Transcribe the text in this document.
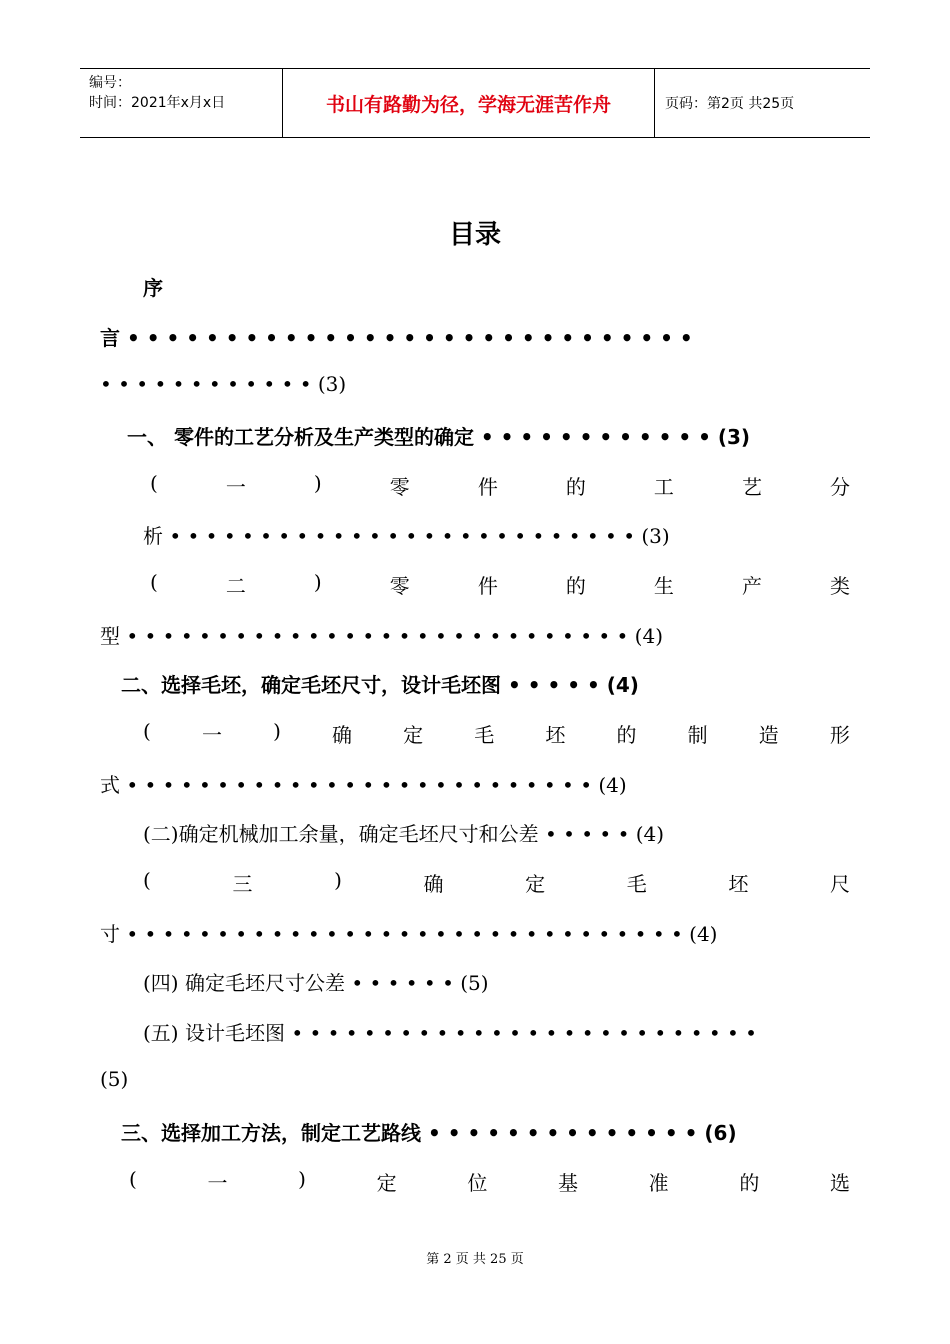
编号：
时间：2021年x月x日	书山有路勤为径，学海无涯苦作舟	页码：第2页 共25页
目录
序
言 • • • • • • • • • • • • • • • • • • • • • • • • • • • • •
• • • • • • • • • • • • (3)
一、 零件的工艺分析及生产类型的确定 • • • • • • • • • • • • (3)
(	一	)	零	件	的	工	艺	分
析 • • • • • • • • • • • • • • • • • • • • • • • • • • (3)
(	二	)	零	件	的	生	产	类
型 • • • • • • • • • • • • • • • • • • • • • • • • • • • • (4)
二、选择毛坯，确定毛坯尺寸，设计毛坯图 • • • • • (4)
(	一	)	确	定	毛	坯	的	制	造	形
式 • • • • • • • • • • • • • • • • • • • • • • • • • • (4)
(二)确定机械加工余量，确定毛坯尺寸和公差 • • • • • (4)
(	三	)	确	定	毛	坯	尺
寸 • • • • • • • • • • • • • • • • • • • • • • • • • • • • • • • (4)
(四) 确定毛坯尺寸公差 • • • • • • (5)
(五) 设计毛坯图 • • • • • • • • • • • • • • • • • • • • • • • • • •
(5)
三、选择加工方法，制定工艺路线 • • • • • • • • • • • • • • (6)
(	一	)	定	位	基	准	的	选
第 2 页 共 25 页
